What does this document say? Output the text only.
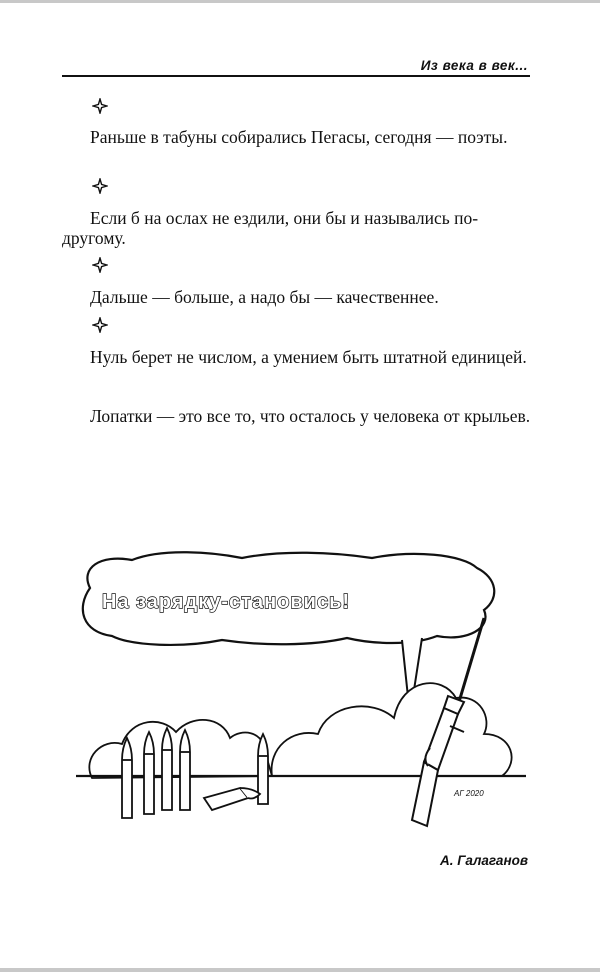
Из века в век...

Раньше в табуны собирались Пегасы, сегодня — поэты.

Если б на ослах не ездили, они бы и назывались по-другому.

Дальше — больше, а надо бы — качественнее.

Нуль берет не числом, а умением быть штатной единицей.

Лопатки — это все то, что осталось у человека от крыльев.

На зарядку-становись!
АГ 2020
А. Галаганов
